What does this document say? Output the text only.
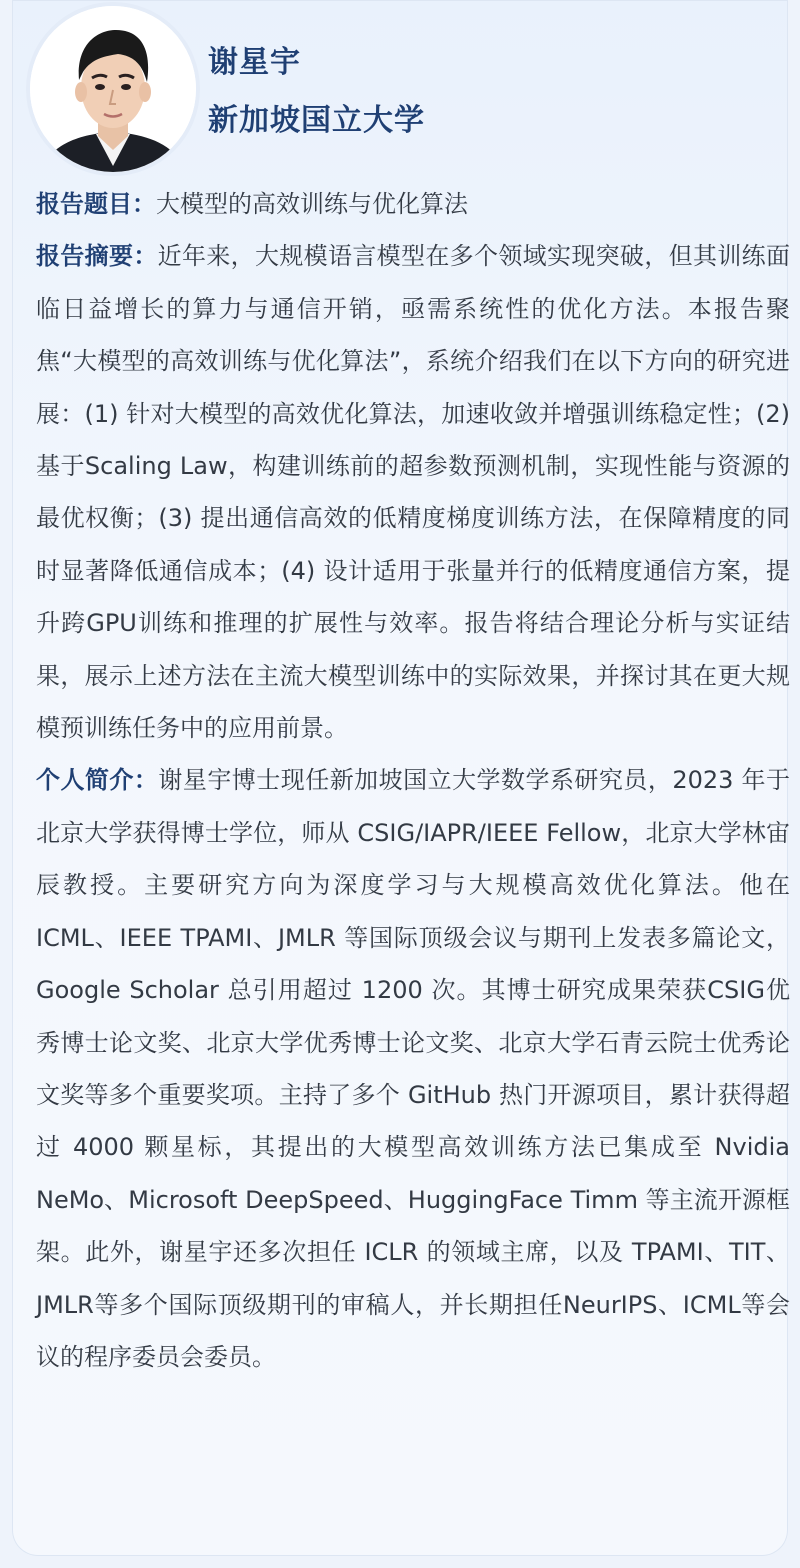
谢星宇
新加坡国立大学

报告题目：大模型的高效训练与优化算法

报告摘要：近年来，大规模语言模型在多个领域实现突破，但其训练面临日益增长的算力与通信开销，亟需系统性的优化方法。本报告聚焦“大模型的高效训练与优化算法”，系统介绍我们在以下方向的研究进展：(1) 针对大模型的高效优化算法，加速收敛并增强训练稳定性；(2) 基于Scaling Law，构建训练前的超参数预测机制，实现性能与资源的最优权衡；(3) 提出通信高效的低精度梯度训练方法，在保障精度的同时显著降低通信成本；(4) 设计适用于张量并行的低精度通信方案，提升跨GPU训练和推理的扩展性与效率。报告将结合理论分析与实证结果，展示上述方法在主流大模型训练中的实际效果，并探讨其在更大规模预训练任务中的应用前景。

个人简介：谢星宇博士现任新加坡国立大学数学系研究员，2023 年于北京大学获得博士学位，师从 CSIG/IAPR/IEEE Fellow，北京大学林宙辰教授。主要研究方向为深度学习与大规模高效优化算法。他在 ICML、IEEE TPAMI、JMLR 等国际顶级会议与期刊上发表多篇论文，Google Scholar 总引用超过 1200 次。其博士研究成果荣获CSIG优秀博士论文奖、北京大学优秀博士论文奖、北京大学石青云院士优秀论文奖等多个重要奖项。主持了多个 GitHub 热门开源项目，累计获得超过 4000 颗星标，其提出的大模型高效训练方法已集成至 Nvidia NeMo、Microsoft DeepSpeed、HuggingFace Timm 等主流开源框架。此外，谢星宇还多次担任 ICLR 的领域主席，以及 TPAMI、TIT、JMLR等多个国际顶级期刊的审稿人，并长期担任NeurIPS、ICML等会议的程序委员会委员。
